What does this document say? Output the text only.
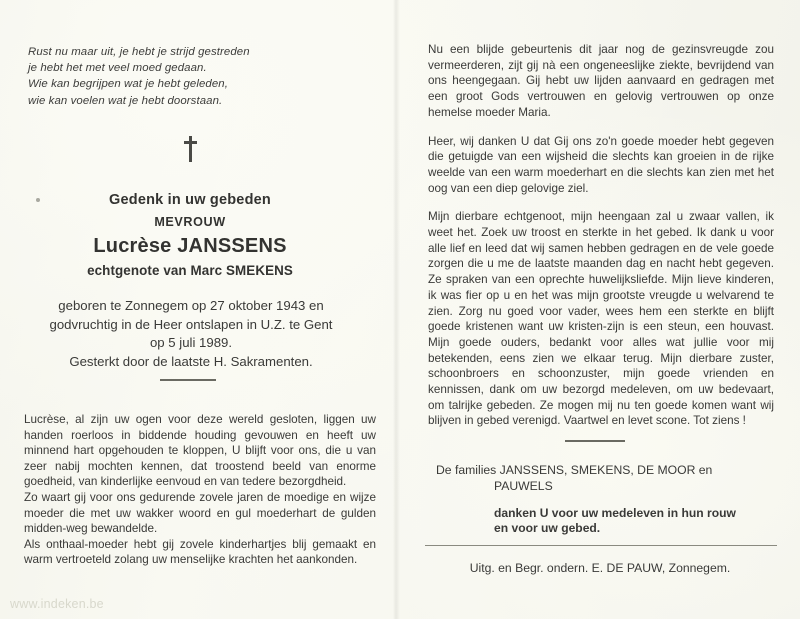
Rust nu maar uit, je hebt je strijd gestreden
je hebt het met veel moed gedaan.
Wie kan begrijpen wat je hebt geleden,
wie kan voelen wat je hebt doorstaan.
Gedenk in uw gebeden
MEVROUW
Lucrèse JANSSENS
echtgenote van Marc SMEKENS
geboren te Zonnegem op 27 oktober 1943 en
godvruchtig in de Heer ontslapen in U.Z. te Gent
op 5 juli 1989.
Gesterkt door de laatste H. Sakramenten.

Lucrèse, al zijn uw ogen voor deze wereld gesloten, liggen uw handen roerloos in biddende houding gevouwen en heeft uw minnend hart opgehouden te kloppen, U blijft voor ons, die u van zeer nabij mochten kennen, dat troostend beeld van enorme goedheid, van kinderlijke eenvoud en van tedere bezorgdheid.

Zo waart gij voor ons gedurende zovele jaren de moedige en wijze moeder die met uw wakker woord en gul moederhart de gulden midden-weg bewandelde.

Als onthaal-moeder hebt gij zovele kinderhartjes blij gemaakt en warm vertroeteld zolang uw menselijke krachten het aankonden.

www.indeken.be

Nu een blijde gebeurtenis dit jaar nog de gezinsvreugde zou vermeerderen, zijt gij nà een ongeneeslijke ziekte, bevrijdend van ons heengegaan. Gij hebt uw lijden aanvaard en gedragen met een groot Gods vertrouwen en gelovig vertrouwen op onze hemelse moeder Maria.

Heer, wij danken U dat Gij ons zo'n goede moeder hebt gegeven die getuigde van een wijsheid die slechts kan groeien in de rijke weelde van een warm moederhart en die slechts kan zien met het oog van een diep gelovige ziel.

Mijn dierbare echtgenoot, mijn heengaan zal u zwaar vallen, ik weet het. Zoek uw troost en sterkte in het gebed. Ik dank u voor alle lief en leed dat wij samen hebben gedragen en de vele goede zorgen die u me de laatste maanden dag en nacht hebt gegeven. Ze spraken van een oprechte huwelijksliefde. Mijn lieve kinderen, ik was fier op u en het was mijn grootste vreugde u welvarend te zien. Zorg nu goed voor vader, wees hem een sterkte en blijft goede kristenen want uw kristen-zijn is een steun, een houvast. Mijn goede ouders, bedankt voor alles wat jullie voor mij betekenden, eens zien we elkaar terug. Mijn dierbare zuster, schoonbroers en schoonzuster, mijn goede vrienden en kennissen, dank om uw bezorgd medeleven, om uw bedevaart, om talrijke gebeden. Ze mogen mij nu ten goede komen want wij blijven in gebed verenigd. Vaartwel en levet scone. Tot ziens !

De families JANSSENS, SMEKENS, DE MOOR en
PAUWELS
danken U voor uw medeleven in hun rouw
en voor uw gebed.
Uitg. en Begr. ondern. E. DE PAUW, Zonnegem.
